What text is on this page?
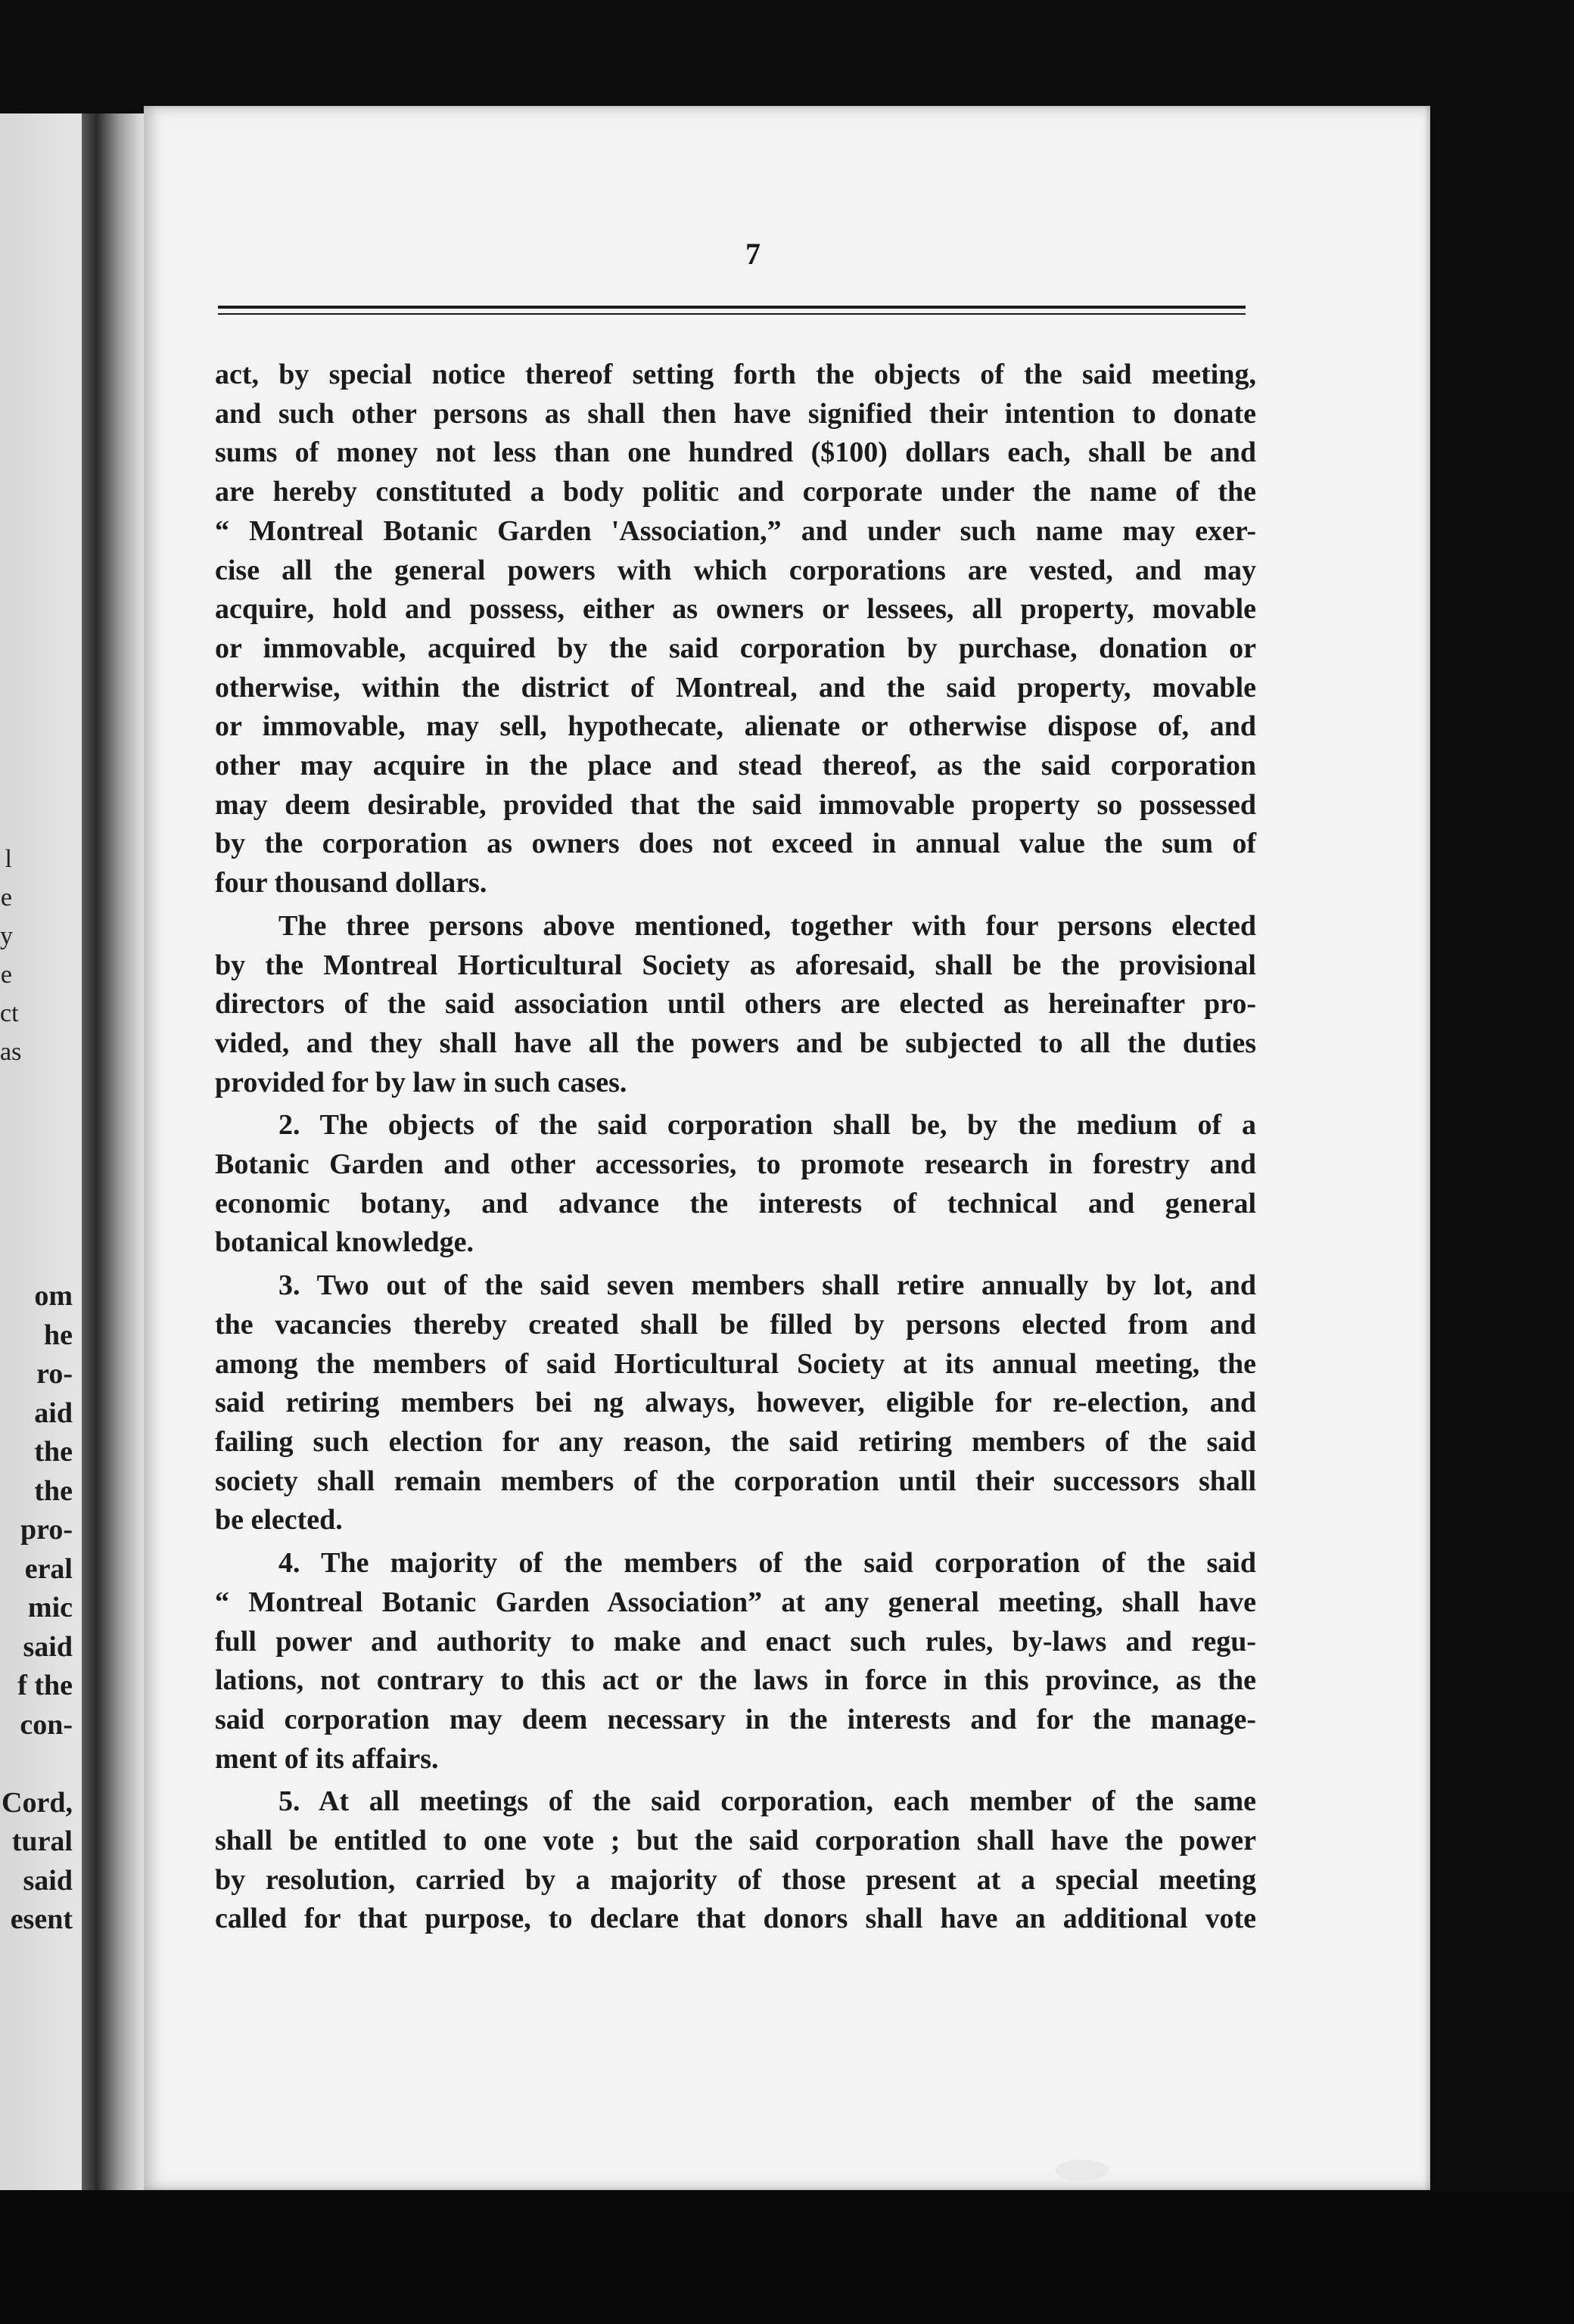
l
e
y
e
ct
as
om
he
ro-
aid
the
the
pro-
eral
mic
said
f the
con-

Cord,
tural
said
esent
7
act, by special notice thereof setting forth the objects of the said meeting,
and such other persons as shall then have signified their intention to donate
sums of money not less than one hundred ($100) dollars each, shall be and
are hereby constituted a body politic and corporate under the name of the
“ Montreal Botanic Garden 'Association,” and under such name may exer-
cise all the general powers with which corporations are vested, and may
acquire, hold and possess, either as owners or lessees, all property, movable
or immovable, acquired by the said corporation by purchase, donation or
otherwise, within the district of Montreal, and the said property, movable
or immovable, may sell, hypothecate, alienate or otherwise dispose of, and
other may acquire in the place and stead thereof, as the said corporation
may deem desirable, provided that the said immovable property so possessed
by the corporation as owners does not exceed in annual value the sum of
four thousand dollars.
The three persons above mentioned, together with four persons elected
by the Montreal Horticultural Society as aforesaid, shall be the provisional
directors of the said association until others are elected as hereinafter pro-
vided, and they shall have all the powers and be subjected to all the duties
provided for by law in such cases.
2. The objects of the said corporation shall be, by the medium of a
Botanic Garden and other accessories, to promote research in forestry and
economic botany, and advance the interests of technical and general
botanical knowledge.
3. Two out of the said seven members shall retire annually by lot, and
the vacancies thereby created shall be filled by persons elected from and
among the members of said Horticultural Society at its annual meeting, the
said retiring members bei ng always, however, eligible for re-election, and
failing such election for any reason, the said retiring members of the said
society shall remain members of the corporation until their successors shall
be elected.
4. The majority of the members of the said corporation of the said
“ Montreal Botanic Garden Association” at any general meeting, shall have
full power and authority to make and enact such rules, by-laws and regu-
lations, not contrary to this act or the laws in force in this province, as the
said corporation may deem necessary in the interests and for the manage-
ment of its affairs.
5. At all meetings of the said corporation, each member of the same
shall be entitled to one vote ; but the said corporation shall have the power
by resolution, carried by a majority of those present at a special meeting
called for that purpose, to declare that donors shall have an additional vote
